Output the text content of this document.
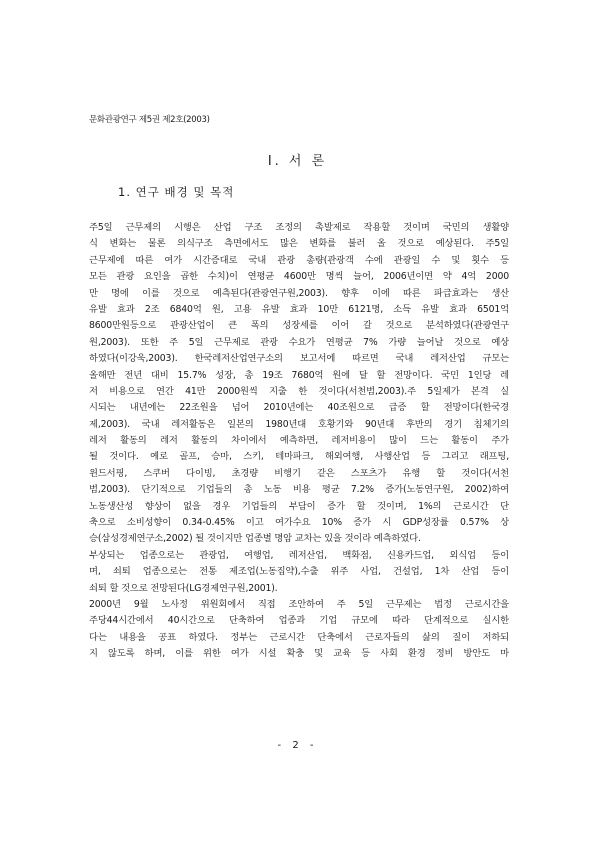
문화관광연구 제5권 제2호(2003)
Ⅰ. 서 론
1. 연구 배경 및 목적
주5일 근무제의 시행은 산업 구조 조정의 촉발제로 작용할 것이며 국민의 생활양
식 변화는 물론 의식구조 측면에서도 많은 변화를 불러 올 것으로 예상된다. 주5일
근무제에 따른 여가 시간증대로 국내 관광 총량(관광객 수에 관광일 수 및 횟수 등
모든 관광 요인을 곱한 수치)이 연평균 4600만 명씩 늘어, 2006년이면 약 4억 2000
만 명에 이를 것으로 예측된다(관광연구원,2003). 향후 이에 따른 파급효과는 생산
유발 효과 2조 6840억 원, 고용 유발 효과 10만 6121명, 소득 유발 효과 6501억
8600만원등으로 관광산업이 큰 폭의 성장세를 이어 갈 것으로 분석하였다(관광연구
원,2003). 또한 주 5일 근무제로 관광 수요가 연평균 7% 가량 늘어날 것으로 예상
하였다(이강욱,2003). 한국레저산업연구소의 보고서에 따르면 국내 레저산업 규모는
올해만 전년 대비 15.7% 성장, 총 19조 7680억 원에 달 할 전망이다. 국민 1인당 레
저 비용으로 연간 41만 2000원씩 지출 한 것이다(서천범,2003).주 5일제가 본격 실
시되는 내년에는 22조원을 넘어 2010년에는 40조원으로 급증 할 전망이다(한국경
제,2003). 국내 레저활동은 일본의 1980년대 호황기와 90년대 후반의 경기 침체기의
레저 활동의 레저 활동의 차이에서 예측하면, 레저비용이 많이 드는 활동이 주가
될 것이다. 예로 골프, 승마, 스키, 테마파크, 해외여행, 사행산업 등 그리고 래프팅,
윈드서핑, 스쿠버 다이빙, 초경량 비행기 같은 스포츠가 유행 할 것이다(서천
범,2003). 단기적으로 기업들의 총 노동 비용 평균 7.2% 증가(노동연구원, 2002)하여
노동생산성 향상이 없을 경우 기업들의 부담이 증가 할 것이며, 1%의 근로시간 단
축으로 소비성향이 0.34-0.45% 이고 여가수요 10% 증가 시 GDP성장률 0.57% 상
승(삼성경제연구소,2002) 될 것이지만 업종별 명암 교차는 있을 것이라 예측하였다.
부상되는 업종으로는 관광업, 여행업, 레저산업, 백화점, 신용카드업, 외식업 등이
며, 쇠퇴 업종으로는 전통 제조업(노동집약),수출 위주 사업, 건설업, 1차 산업 등이
쇠퇴 할 것으로 전망된다(LG경제연구원,2001).
2000년 9월 노사정 위원회에서 직접 조안하여 주 5일 근무제는 법정 근로시간을
주당44시간에서 40시간으로 단축하여 업종과 기업 규모에 따라 단계적으로 실시한
다는 내용을 공표 하였다. 정부는 근로시간 단축에서 근로자들의 삶의 질이 저하되
지 않도록 하며, 이를 위한 여가 시설 확충 및 교육 등 사회 환경 정비 방안도 마
- 2 -
